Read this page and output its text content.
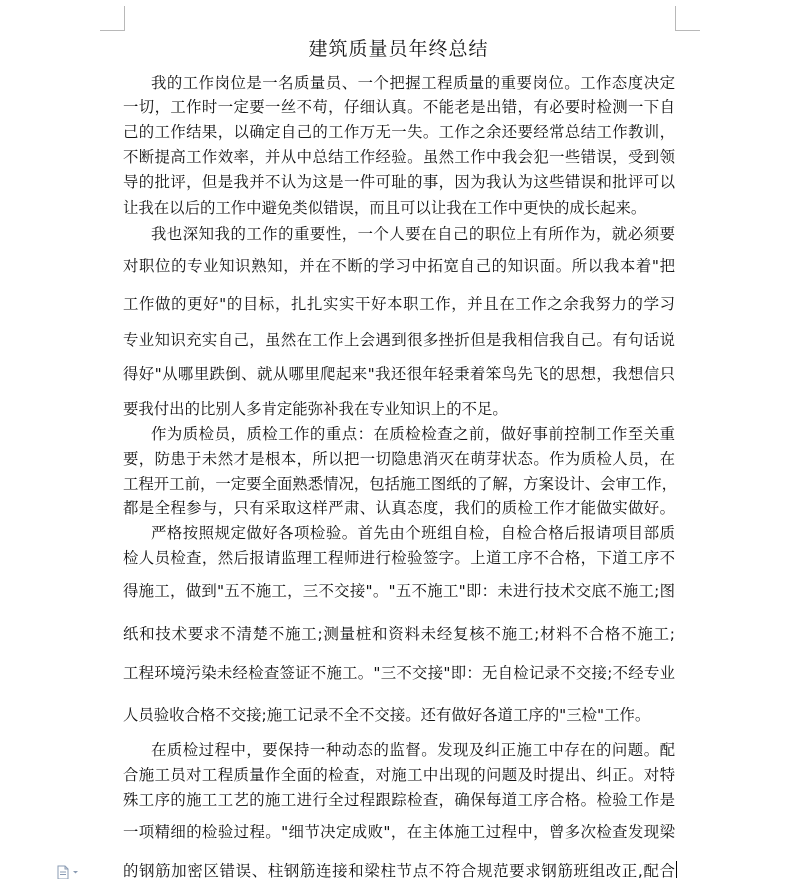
建筑质量员年终总结
我的工作岗位是一名质量员、一个把握工程质量的重要岗位。工作态度决定
一切，工作时一定要一丝不苟，仔细认真。不能老是出错，有必要时检测一下自
己的工作结果，以确定自己的工作万无一失。工作之余还要经常总结工作教训，
不断提高工作效率，并从中总结工作经验。虽然工作中我会犯一些错误，受到领
导的批评，但是我并不认为这是一件可耻的事，因为我认为这些错误和批评可以
让我在以后的工作中避免类似错误，而且可以让我在工作中更快的成长起来。
我也深知我的工作的重要性，一个人要在自己的职位上有所作为，就必须要
对职位的专业知识熟知，并在不断的学习中拓宽自己的知识面。所以我本着"把
工作做的更好"的目标，扎扎实实干好本职工作，并且在工作之余我努力的学习
专业知识充实自己，虽然在工作上会遇到很多挫折但是我相信我自己。有句话说
得好"从哪里跌倒、就从哪里爬起来"我还很年轻秉着笨鸟先飞的思想，我想信只
要我付出的比别人多肯定能弥补我在专业知识上的不足。
作为质检员，质检工作的重点：在质检检查之前，做好事前控制工作至关重
要，防患于未然才是根本，所以把一切隐患消灭在萌芽状态。作为质检人员，在
工程开工前，一定要全面熟悉情况，包括施工图纸的了解，方案设计、会审工作，
都是全程参与，只有采取这样严肃、认真态度，我们的质检工作才能做实做好。
严格按照规定做好各项检验。首先由个班组自检，自检合格后报请项目部质
检人员检查，然后报请监理工程师进行检验签字。上道工序不合格，下道工序不
得施工，做到"五不施工，三不交接"。"五不施工"即：未进行技术交底不施工;图
纸和技术要求不清楚不施工;测量桩和资料未经复核不施工;材料不合格不施工;
工程环境污染未经检查签证不施工。"三不交接"即：无自检记录不交接;不经专业
人员验收合格不交接;施工记录不全不交接。还有做好各道工序的"三检"工作。
在质检过程中，要保持一种动态的监督。发现及纠正施工中存在的问题。配
合施工员对工程质量作全面的检查，对施工中出现的问题及时提出、纠正。对特
殊工序的施工工艺的施工进行全过程跟踪检查，确保每道工序合格。检验工作是
一项精细的检验过程。"细节决定成败"，在主体施工过程中，曾多次检查发现梁
的钢筋加密区错误、柱钢筋连接和梁柱节点不符合规范要求钢筋班组改正,配合
